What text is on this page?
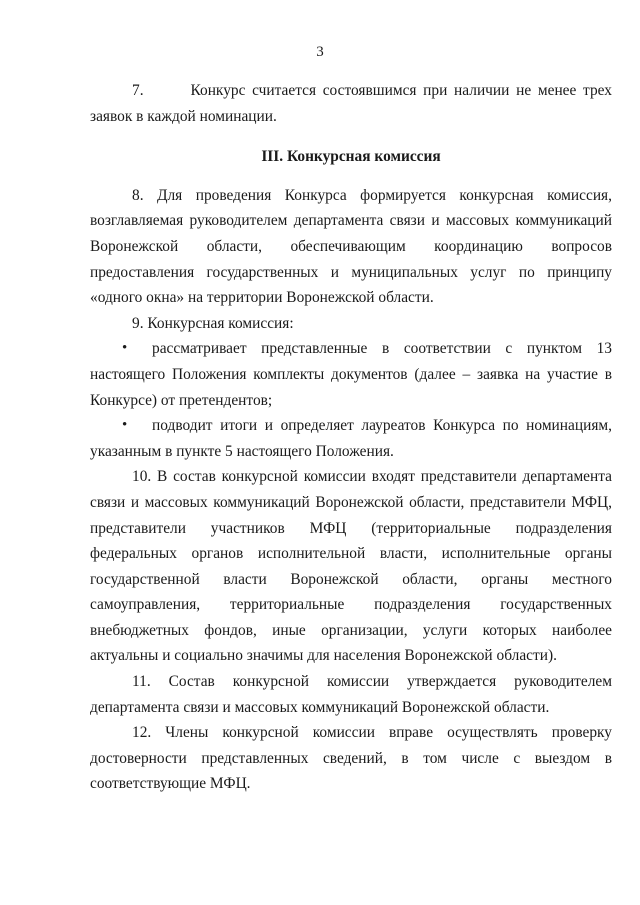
3

7.       Конкурс считается состоявшимся при наличии не менее трех заявок в каждой номинации.

III. Конкурсная комиссия

8. Для проведения Конкурса формируется конкурсная комиссия, возглавляемая руководителем департамента связи и массовых коммуникаций Воронежской области, обеспечивающим координацию вопросов предоставления государственных и муниципальных услуг по принципу «одного окна» на территории Воронежской области.

9. Конкурсная комиссия:

• рассматривает представленные в соответствии с пунктом 13 настоящего Положения комплекты документов (далее – заявка на участие в Конкурсе) от претендентов;

• подводит итоги и определяет лауреатов Конкурса по номинациям, указанным в пункте 5 настоящего Положения.

10. В состав конкурсной комиссии входят представители департамента связи и массовых коммуникаций Воронежской области, представители МФЦ, представители участников МФЦ (территориальные подразделения федеральных органов исполнительной власти, исполнительные органы государственной власти Воронежской области, органы местного самоуправления, территориальные подразделения государственных внебюджетных фондов, иные организации, услуги которых наиболее актуальны и социально значимы для населения Воронежской области).

11. Состав конкурсной комиссии утверждается руководителем департамента связи и массовых коммуникаций Воронежской области.

12. Члены конкурсной комиссии вправе осуществлять проверку достоверности представленных сведений, в том числе с выездом в соответствующие МФЦ.
